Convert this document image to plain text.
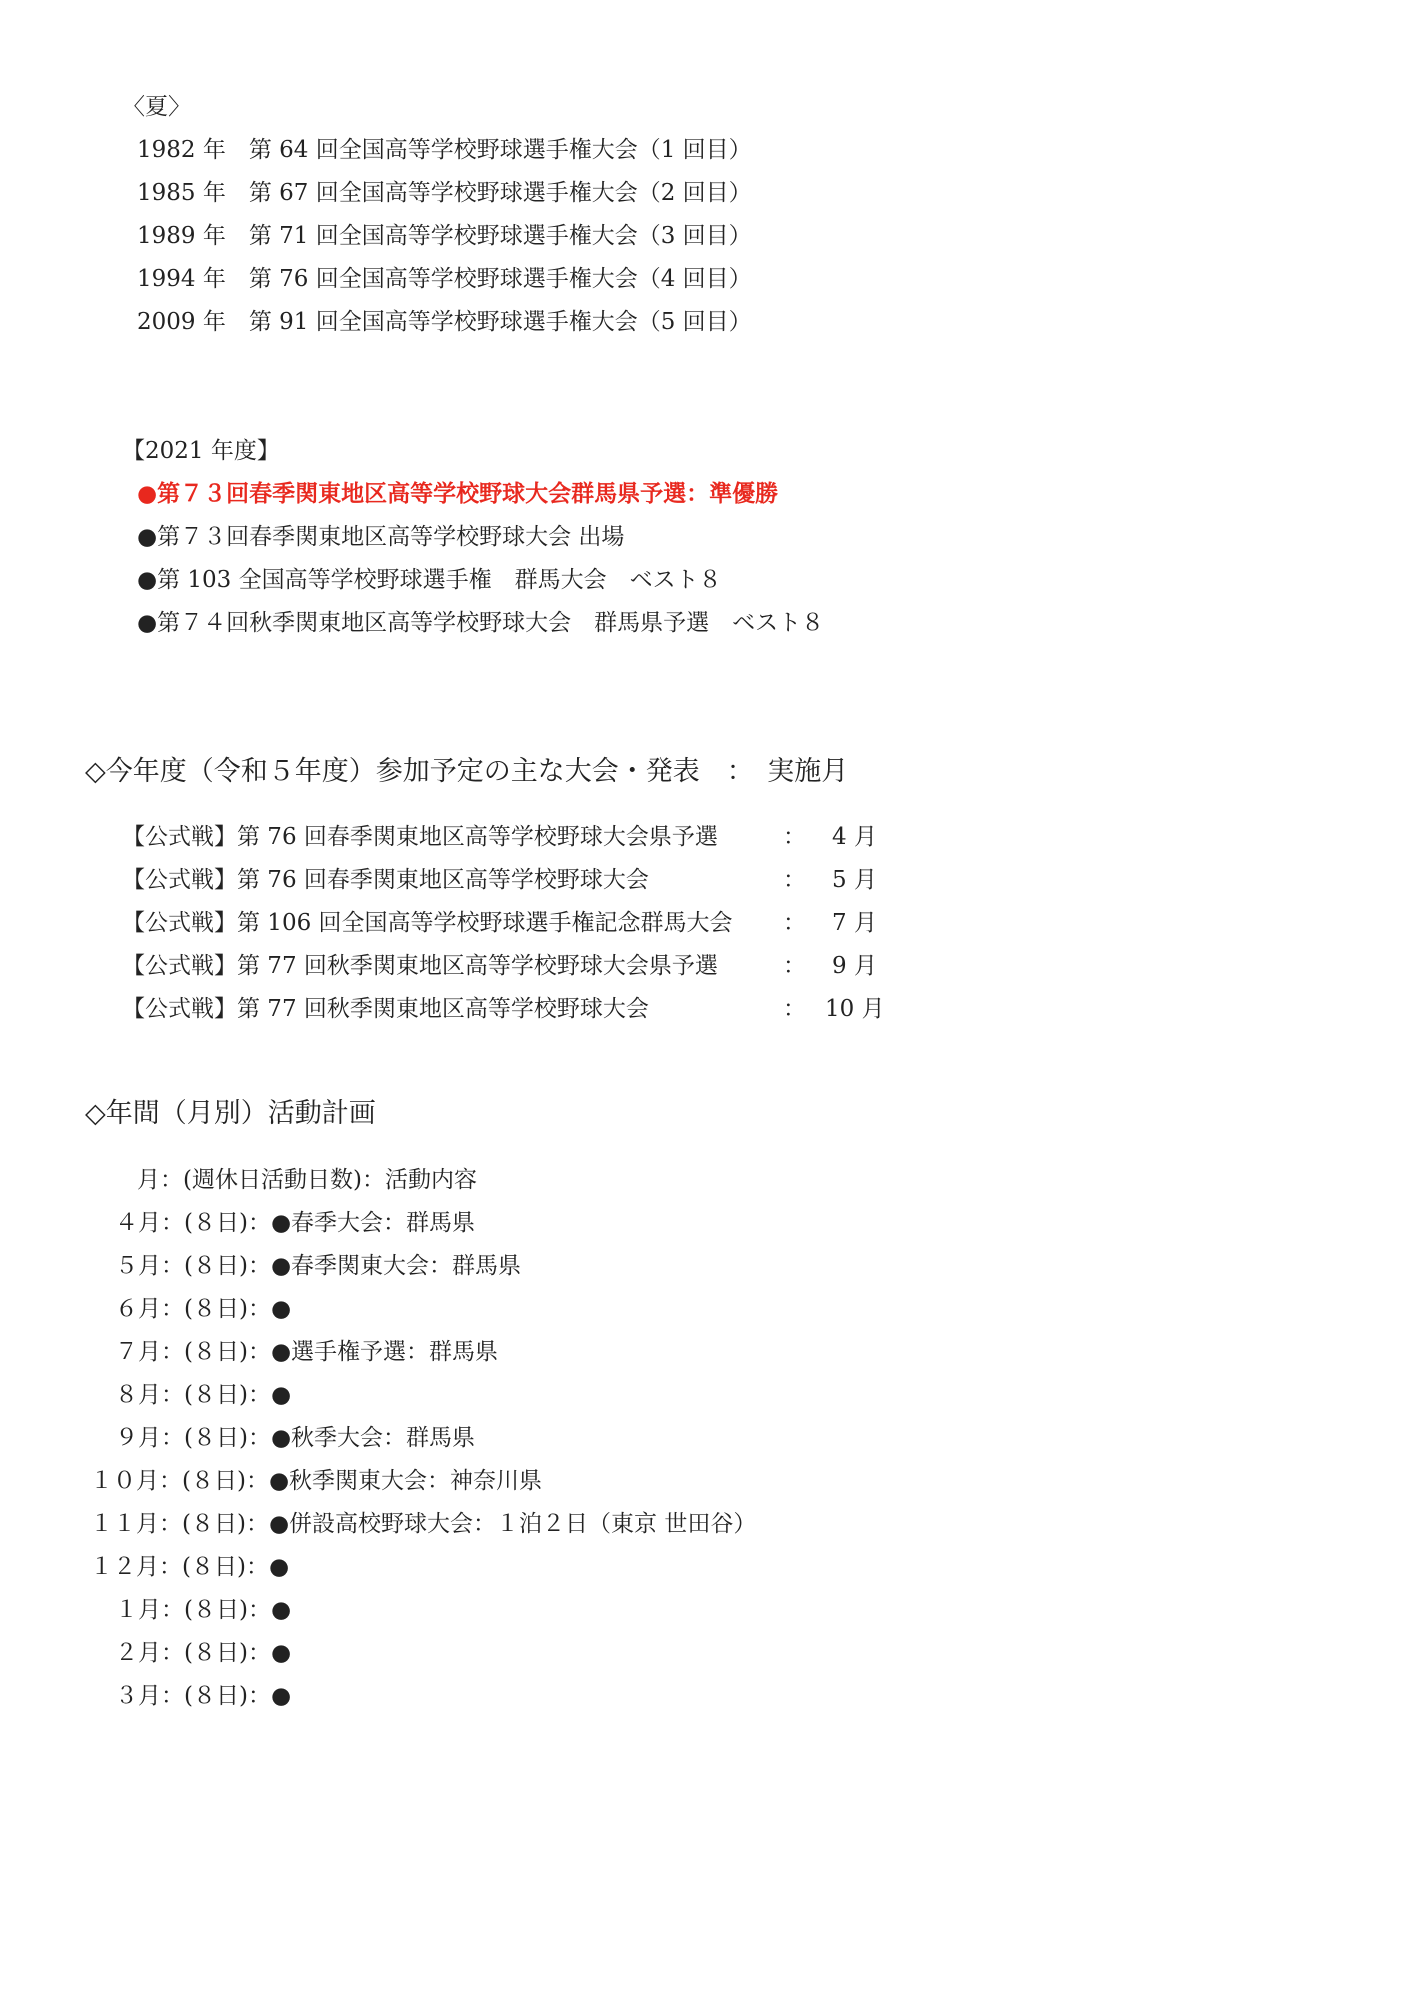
〈夏〉
1982 年　第 64 回全国高等学校野球選手権大会（1 回目）
1985 年　第 67 回全国高等学校野球選手権大会（2 回目）
1989 年　第 71 回全国高等学校野球選手権大会（3 回目）
1994 年　第 76 回全国高等学校野球選手権大会（4 回目）
2009 年　第 91 回全国高等学校野球選手権大会（5 回目）
【2021 年度】
●第７３回春季関東地区高等学校野球大会群馬県予選：準優勝
●第７３回春季関東地区高等学校野球大会 出場
●第 103 全国高等学校野球選手権　群馬大会　ベスト８
●第７４回秋季関東地区高等学校野球大会　群馬県予選　ベスト８
◇今年度（令和５年度）参加予定の主な大会・発表　：　実施月
【公式戦】第 76 回春季関東地区高等学校野球大会県予選	： 4 月
【公式戦】第 76 回春季関東地区高等学校野球大会	： 5 月
【公式戦】第 106 回全国高等学校野球選手権記念群馬大会 ： 7 月
【公式戦】第 77 回秋季関東地区高等学校野球大会県予選	： 9 月
【公式戦】第 77 回秋季関東地区高等学校野球大会	： 10 月
◇年間（月別）活動計画
月：(週休日活動日数)：活動内容
４月：(８日)：●春季大会：群馬県
５月：(８日)：●春季関東大会：群馬県
６月：(８日)：●
７月：(８日)：●選手権予選：群馬県
８月：(８日)：●
９月：(８日)：●秋季大会：群馬県
１０月：(８日)：●秋季関東大会：神奈川県
１１月：(８日)：●併設高校野球大会：１泊２日（東京 世田谷）
１２月：(８日)：●
１月：(８日)：●
２月：(８日)：●
３月：(８日)：●
